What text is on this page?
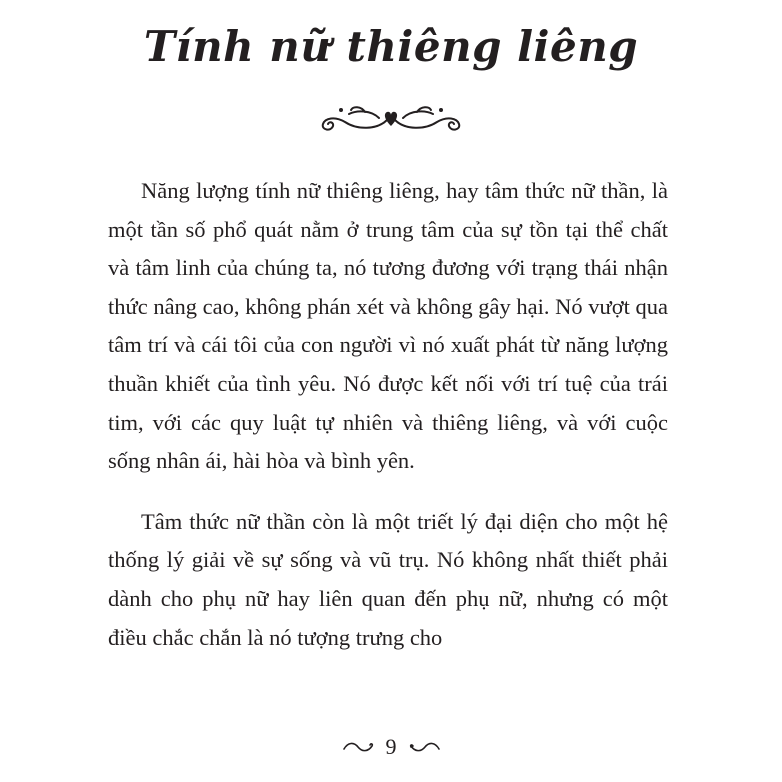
Tính nữ thiêng liêng

Năng lượng tính nữ thiêng liêng, hay tâm thức nữ thần, là một tần số phổ quát nằm ở trung tâm của sự tồn tại thể chất và tâm linh của chúng ta, nó tương đương với trạng thái nhận thức nâng cao, không phán xét và không gây hại. Nó vượt qua tâm trí và cái tôi của con người vì nó xuất phát từ năng lượng thuần khiết của tình yêu. Nó được kết nối với trí tuệ của trái tim, với các quy luật tự nhiên và thiêng liêng, và với cuộc sống nhân ái, hài hòa và bình yên.

Tâm thức nữ thần còn là một triết lý đại diện cho một hệ thống lý giải về sự sống và vũ trụ. Nó không nhất thiết phải dành cho phụ nữ hay liên quan đến phụ nữ, nhưng có một điều chắc chắn là nó tượng trưng cho

9
